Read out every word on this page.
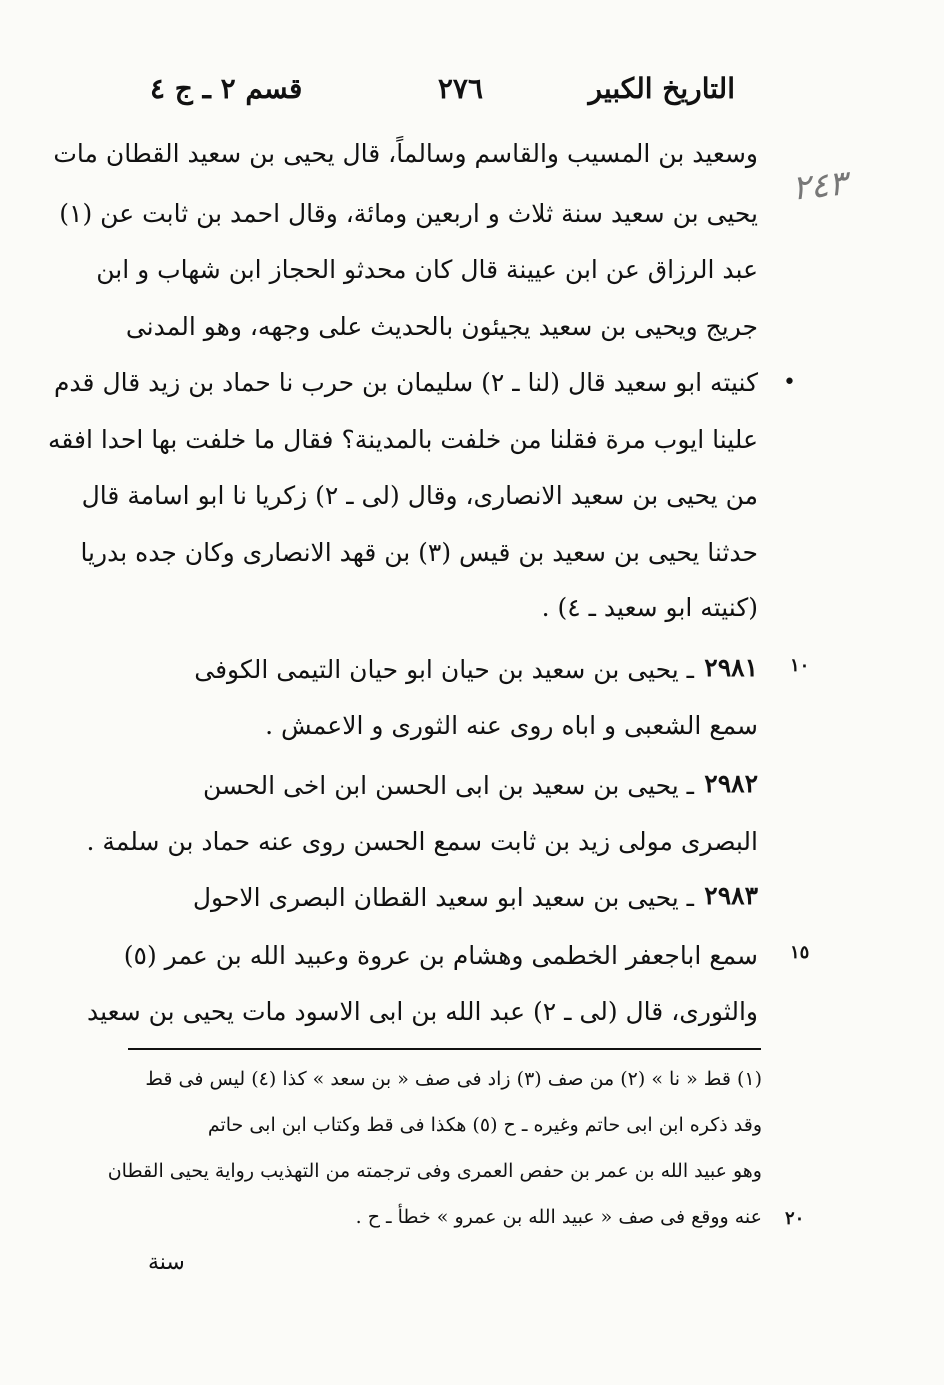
التاريخ الكبير
٢٧٦
قسم ٢ ـ ج ٤
٢٤٣
وسعيد بن المسيب والقاسم وسالماً، قال يحيى بن سعيد القطان مات
يحيى بن سعيد سنة ثلاث و اربعين ومائة، وقال احمد بن ثابت عن (١)
عبد الرزاق عن ابن عيينة قال كان محدثو الحجاز ابن شهاب و ابن
جريج ويحيى بن سعيد يجيئون بالحديث على وجهه، وهو المدنى
كنيته ابو سعيد قال (لنا ـ ٢) سليمان بن حرب نا حماد بن زيد قال قدم •
علينا ايوب مرة فقلنا من خلفت بالمدينة؟ فقال ما خلفت بها احدا افقه
من يحيى بن سعيد الانصارى، وقال (لى ـ ٢) زكريا نا ابو اسامة قال
حدثنا يحيى بن سعيد بن قيس (٣) بن قهد الانصارى وكان جده بدريا
(كنيته ابو سعيد ـ ٤) .
١٠
ـ يحيى بن سعيد بن حيان ابو حيان التيمى الكوفى ٢٩٨١
سمع الشعبى و اباه روى عنه الثورى و الاعمش .
ـ يحيى بن سعيد بن ابى الحسن ابن اخى الحسن ٢٩٨٢
البصرى مولى زيد بن ثابت سمع الحسن روى عنه حماد بن سلمة .
ـ يحيى بن سعيد ابو سعيد القطان البصرى الاحول ٢٩٨٣
١٥
سمع اباجعفر الخطمى وهشام بن عروة وعبيد الله بن عمر (٥)
والثورى، قال (لى ـ ٢) عبد الله بن ابى الاسود مات يحيى بن سعيد
(١) قط « نا » (٢) من صف (٣) زاد فى صف « بن سعد » كذا (٤) ليس فى قط
وقد ذكره ابن ابى حاتم وغيره ـ ح (٥) هكذا فى قط وكتاب ابن ابى حاتم
وهو عبيد الله بن عمر بن حفص العمرى وفى ترجمته من التهذيب رواية يحيى القطان
٢٠
عنه ووقع فى صف « عبيد الله بن عمرو » خطأ ـ ح .
سنة
